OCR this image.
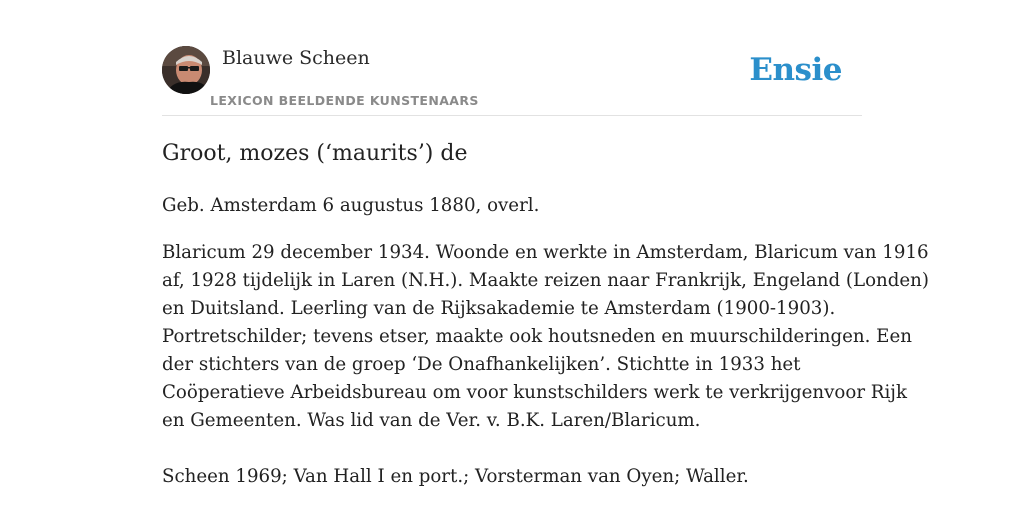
Blauwe Scheen
LEXICON BEELDENDE KUNSTENAARS
Ensie
Groot, mozes (‘maurits’) de

Geb. Amsterdam 6 augustus 1880, overl.

Blaricum 29 december 1934. Woonde en werkte in Amsterdam, Blaricum van 1916
af, 1928 tijdelijk in Laren (N.H.). Maakte reizen naar Frankrijk, Engeland (Londen)
en Duitsland. Leerling van de Rijksakademie te Amsterdam (1900-1903).
Portretschilder; tevens etser, maakte ook houtsneden en muurschilderingen. Een
der stichters van de groep ‘De Onafhankelijken’. Stichtte in 1933 het
Coöperatieve Arbeidsbureau om voor kunstschilders werk te verkrijgenvoor Rijk
en Gemeenten. Was lid van de Ver. v. B.K. Laren/Blaricum.

Scheen 1969; Van Hall I en port.; Vorsterman van Oyen; Waller.
